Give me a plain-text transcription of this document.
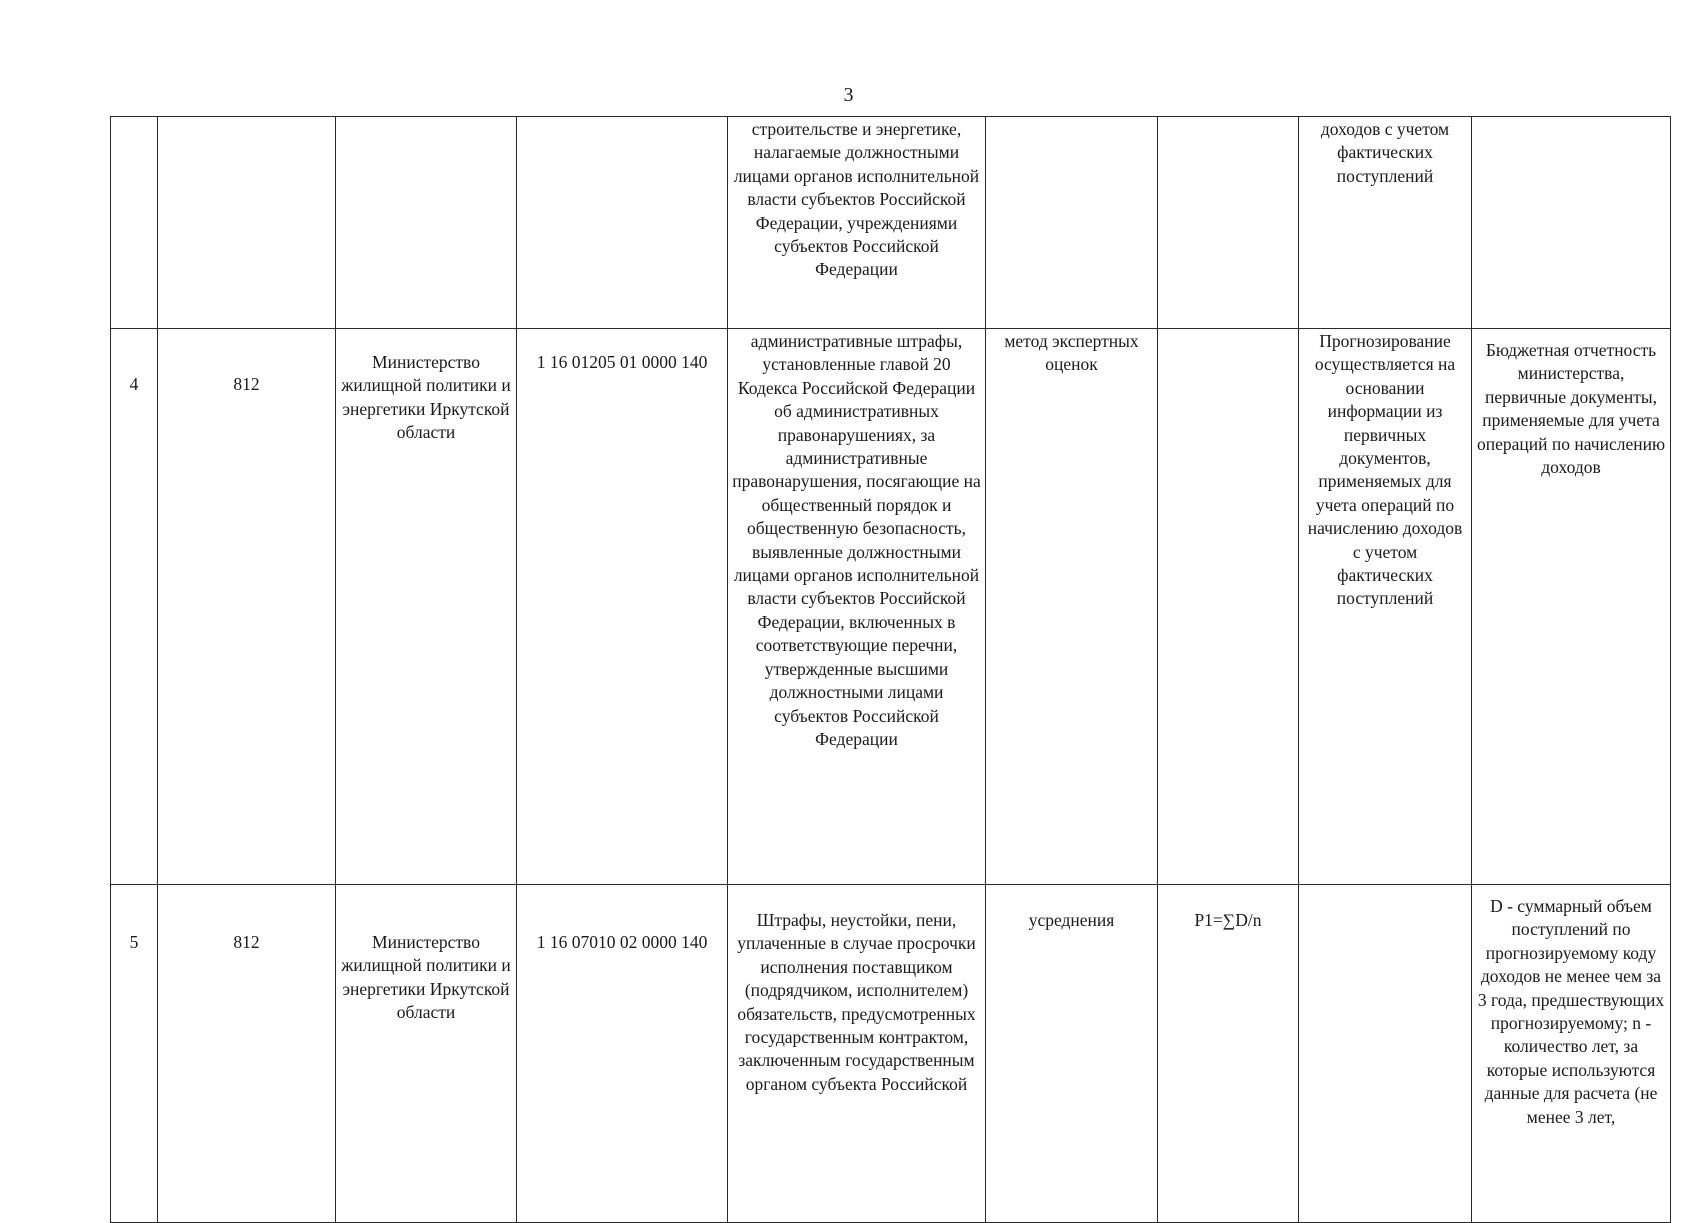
3
				строительстве и энергетике, налагаемые должностными лицами органов исполнительной власти субъектов Российской Федерации, учреждениями субъектов Российской Федерации			доходов с учетом фактических поступлений	
4	812	Министерство жилищной политики и энергетики Иркутской области	1 16 01205 01 0000 140	административные штрафы, установленные главой 20 Кодекса Российской Федерации об административных правонарушениях, за административные правонарушения, посягающие на общественный порядок и общественную безопасность, выявленные должностными лицами органов исполнительной власти субъектов Российской Федерации, включенных в соответствующие перечни, утвержденные высшими должностными лицами субъектов Российской Федерации	метод экспертных оценок		Прогнозирование осуществляется на основании информации из первичных документов, применяемых для учета операций по начислению доходов с учетом фактических поступлений	Бюджетная отчетность министерства, первичные документы, применяемые для учета операций по начислению доходов
5	812	Министерство жилищной политики и энергетики Иркутской области	1 16 07010 02 0000 140	Штрафы, неустойки, пени, уплаченные в случае просрочки исполнения поставщиком (подрядчиком, исполнителем) обязательств, предусмотренных государственным контрактом, заключенным государственным органом субъекта Российской	усреднения	P1=∑D/n		D - суммарный объем поступлений по прогнозируемому коду доходов не менее чем за 3 года, предшествующих прогнозируемому; n - количество лет, за которые используются данные для расчета (не менее 3 лет,
